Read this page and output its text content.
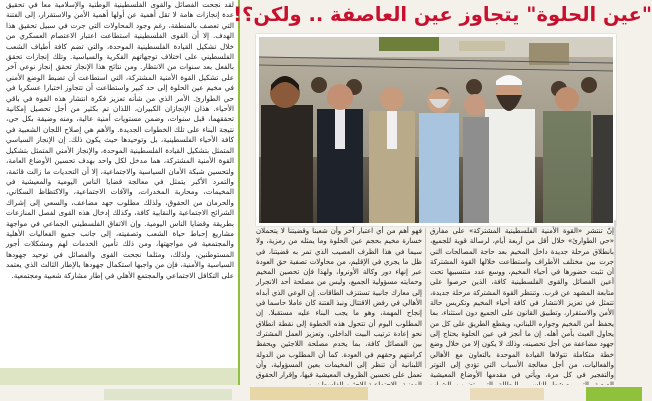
لقد نجحت الفصائل والقوى الفلسطينية الوطنية والإسلامية معا في تحقيق عدة إنجازات هامة لا تقل أهمية عن أولها أهمية الأمن والاستقرار، إلى الفتنة التي تعصف بالمنطقة، رغم وجود المحاولات التي جرت في سبيل تحقيق هذا الهدف. إلا أن القوى الفلسطينية استطاعت اعتبار الاعتصام العسكري من خلال تشكيل القيادة الفلسطينية الموحدة، والتي تضم كافة أطياف الشعب الفلسطيني على اختلاف توجهاتهم الفكرية والسياسية. وتلك إنجازات تحقق بالفعل بعد سنوات من الانتظار. ومن نتائج هذا الإنجاز تحقق إنجاز نوعي آخر على تشكيل القوة الأمنية المشتركة، التي استطاعت أن تضبط الوضع الأمني في مخيم عين الحلوة إلى حد كبير واستطاعت أن تتجاوز اختبارا عسكريا في حي الطوارئ. الأمر الذي من شأنه تعزيز فكرة انتشار هذه القوة في باقي الأحياء. هذان الإنجازان الكبيران، اللذان تم بكثير من أجل تحصيل إمكانية تحققهما، قبل سنوات، وضمن مستويات أمنية عالية، ومنه وضيقة بكل حي، نتيجة البناء على تلك الخطوات الجديدة. والأهم هي إصلاح اللجان الشعبية في كافة الأحياء الفلسطينية، بل وتوحيدها حيث يكون ذلك. إن الإنجاز السياسي المتمثل بتشكيل القيادة الفلسطينية الموحدة، والإنجاز الأمني المتمثل بتشكيل القوة الأمنية المشتركة، هما مدخل لكل واحد بهدف تحسين الأوضاع العامة، ولتحسين شبكة الأمان السياسية والاجتماعية، إلا أن التحديات ما زالت قائمة، والتمرد الأكبر يتمثل في معالجة قضايا الناس اليومية والمعيشية في المخيمات، ومحاربة المخدرات، والآفات الاجتماعية، والاكتظاظ السكاني، والحرمان من الحقوق، ولذلك مطلوب جهد مضاعف، والسعي إلى إشراك الشرائح الاجتماعية والنقابية كافة، وكذلك إدخال هذه القوى لفصل المنازعات بطريقة وقضايا الناس اليومية. وإن الاتفاق الفلسطيني الجماعي في مواجهة مشاريع إحباط حياة الشعب وتصفيته، إلى جانب جميع الفعاليات الأهلية والمجتمعية في مواجهتها، ومن ذلك تأمين الخدمات لهم ومشكلات أجور المستوطنين، ولذلك، ومثلما نجحت القوى والفصائل في توحيد جهودها السياسية والأمنية، فإن من واجبها استكمال جهودها بالإطار الثالث الذي يعتمد على التكافل الاجتماعي والمجتمع الأهلي في إطار مشاركة شعبية ومجتمعية.
"عين الحلوة" يتجاوز عين العاصفة .. ولكن؟!
إنّ تنتشر «القوة الأمنية الفلسطينية المشتركة» على مفارق «حي الطوارئ» خلال أقل من أربعة أيام، لرسالة قوية للجميع، بانطلاق مرحلة جديدة داخل المخيم بعد حاجة المصالحات التي جرت بين مختلف الأطراف واستطاعت خلالها القوة المشتركة أن تثبت حضورها في أحياء المخيم، ووسع عدد منتسبيها تحت أعين الفصائل والقوى الفلسطينية كافة، الذين حرصوا على متابعة المشهد عن قرب. وتنتظر القوة المشتركة مرحلة جديدة، تتمثل في تعزيز الانتشار في كافة أحياء المخيم وتكريس حالة الأمن والاستقرار، وتطبيق القانون على الجميع دون استثناء، بما يحفظ أمن المخيم وجواره اللبناني، ويقطع الطريق على كل من يحاول العبث بأمن أهله. إن ما أنجز في عين الحلوة يحتاج إلى جهود مضاعفة من أجل تحصينه، وذلك لا يكون إلا من خلال وضع خطة متكاملة تتولاها القيادة الموحدة بالتعاون مع الأهالي والفعاليات، من أجل معالجة الأسباب التي تؤدي إلى التوتر والتفجير في كل مرة، ويأتي في مقدمها الأوضاع المعيشية
فهو أهم من أي اعتبار آخر وأن شعبنا وقضيتنا لا يتحملان خسارة مخيم بحجم عين الحلوة وما يمثله من رمزية، ولا سيما في هذا الظرف العصيب الذي تمر به قضيتنا، في ظل ما يجري في الإقليم، من محاولات تصفية حق العودة عبر إنهاء دور وكالة الأونروا، ولهذا فإن تحصين المخيم وحمايته مسؤولية الجميع، وليس من مصلحة أحد الانجرار إلى معارك جانبية تستنزف الطاقات. إن الوعي الذي أبداه الأهالي في رفض الاقتتال ونبذ الفتنة كان عاملا حاسما في إنجاح المهمة، وهو ما يجب البناء عليه مستقبلا. إن المطلوب اليوم أن تتحول هذه الخطوة إلى نقطة انطلاق نحو إعادة ترتيب البيت الداخلي، وتعزيز العمل المشترك بين الفصائل كافة، بما يخدم مصلحة اللاجئين ويحفظ كرامتهم وحقهم في العودة. كما أن المطلوب من الدولة اللبنانية أن تنظر إلى المخيمات بعين المسؤولية، وأن تعمل على تحسين الظروف المعيشية فيها، وإقرار الحقوق
